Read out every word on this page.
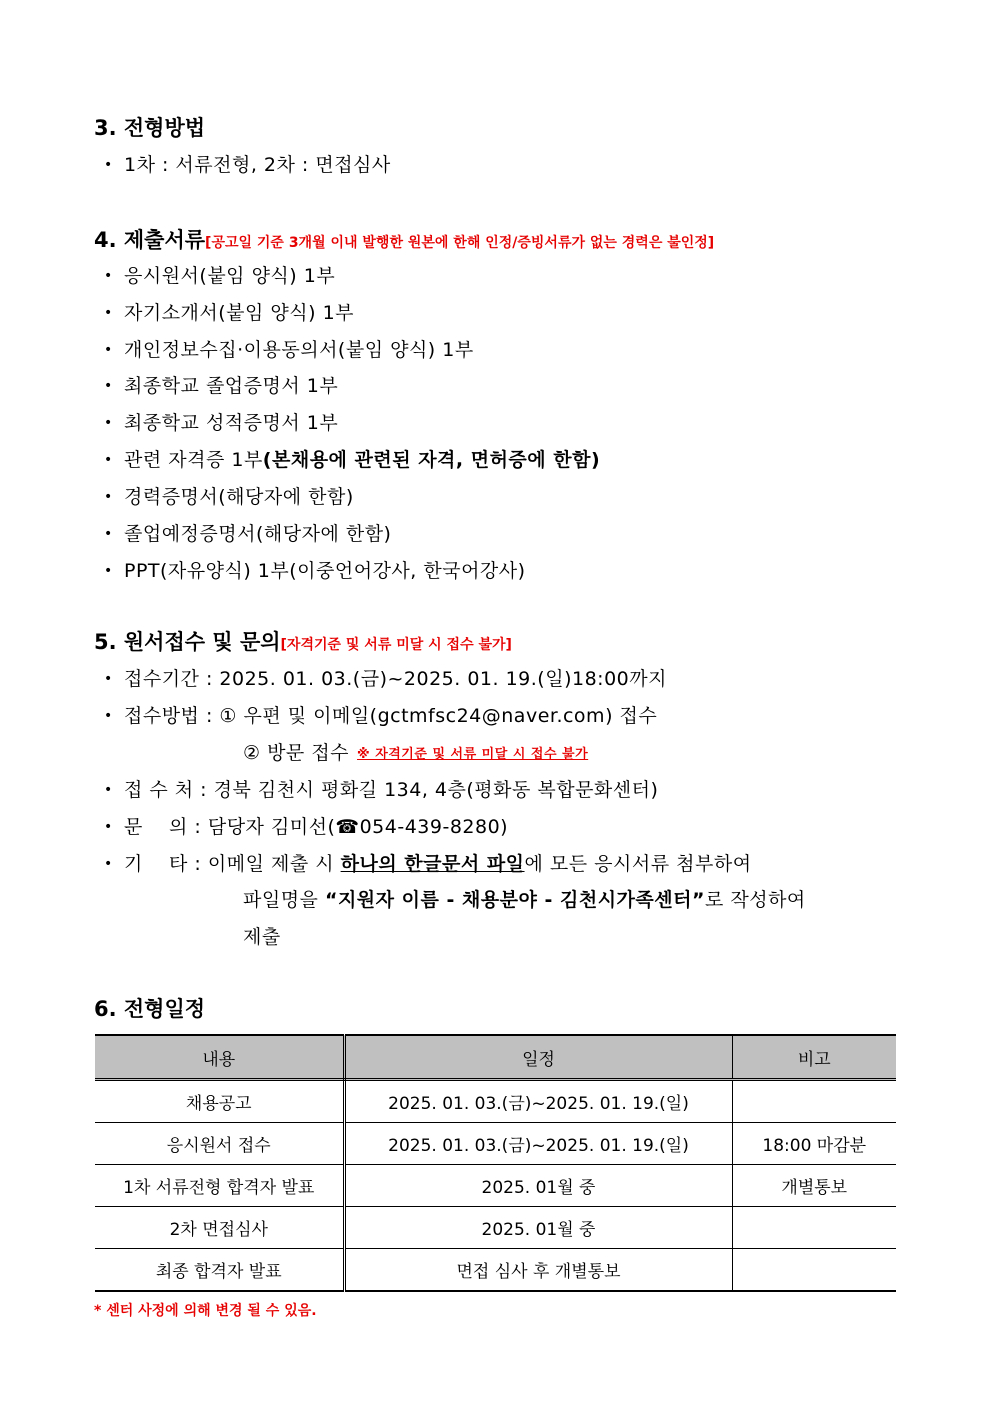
3. 전형방법
• 1차 : 서류전형, 2차 : 면접심사
4. 제출서류[공고일 기준 3개월 이내 발행한 원본에 한해 인정/증빙서류가 없는 경력은 불인정]
• 응시원서(붙임 양식) 1부
• 자기소개서(붙임 양식) 1부
• 개인정보수집·이용동의서(붙임 양식) 1부
• 최종학교 졸업증명서 1부
• 최종학교 성적증명서 1부
• 관련 자격증 1부(본채용에 관련된 자격, 면허증에 한함)
• 경력증명서(해당자에 한함)
• 졸업예정증명서(해당자에 한함)
• PPT(자유양식) 1부(이중언어강사, 한국어강사)
5. 원서접수 및 문의[자격기준 및 서류 미달 시 접수 불가]
• 접수기간 : 2025. 01. 03.(금)~2025. 01. 19.(일)18:00까지
• 접수방법 : ① 우편 및 이메일(gctmfsc24@naver.com) 접수
② 방문 접수 ※ 자격기준 및 서류 미달 시 접수 불가
• 접 수 처 : 경북 김천시 평화길 134, 4층(평화동 복합문화센터)
• 문    의 : 담당자 김미선(☎054-439-8280)
• 기    타 : 이메일 제출 시 하나의 한글문서 파일에 모든 응시서류 첨부하여
파일명을 “지원자 이름 - 채용분야 - 김천시가족센터”로 작성하여
제출
6. 전형일정
내용	일정	비고
채용공고	2025. 01. 03.(금)~2025. 01. 19.(일)	
응시원서 접수	2025. 01. 03.(금)~2025. 01. 19.(일)	18:00 마감분
1차 서류전형 합격자 발표	2025. 01월 중	개별통보
2차 면접심사	2025. 01월 중	
최종 합격자 발표	면접 심사 후 개별통보	
* 센터 사정에 의해 변경 될 수 있음.
